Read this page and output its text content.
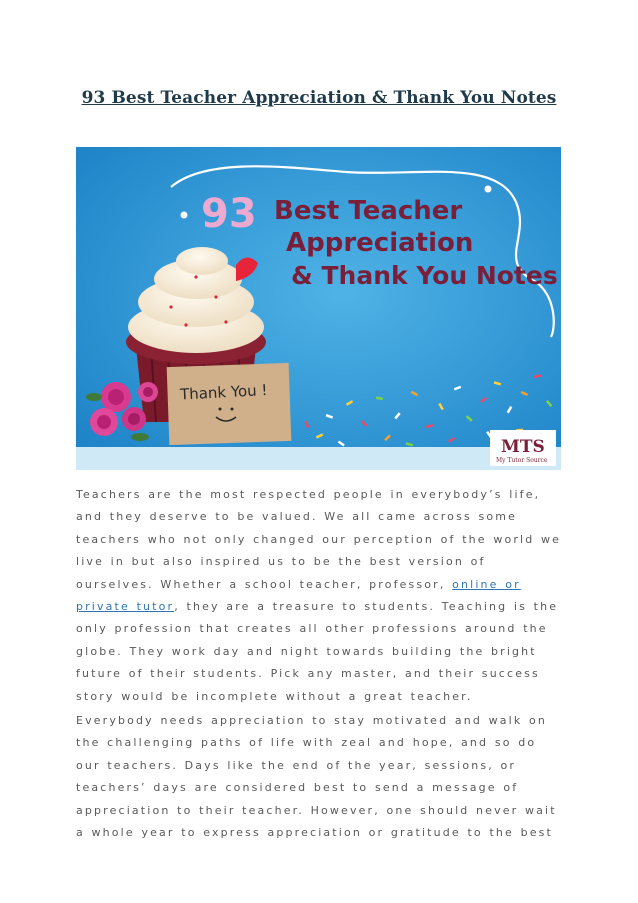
93 Best Teacher Appreciation & Thank You Notes
93 Best Teacher
Appreciation
& Thank You Notes
Thank You !
MTS
My Tutor Source

Teachers are the most respected people in everybody’s life, and they deserve to be valued. We all came across some teachers who not only changed our perception of the world we live in but also inspired us to be the best version of ourselves. Whether a school teacher, professor, online or private tutor, they are a treasure to students. Teaching is the only profession that creates all other professions around the globe. They work day and night towards building the bright future of their students. Pick any master, and their success story would be incomplete without a great teacher.

Everybody needs appreciation to stay motivated and walk on the challenging paths of life with zeal and hope, and so do our teachers. Days like the end of the year, sessions, or teachers’ days are considered best to send a message of appreciation to their teacher. However, one should never wait a whole year to express appreciation or gratitude to the best
